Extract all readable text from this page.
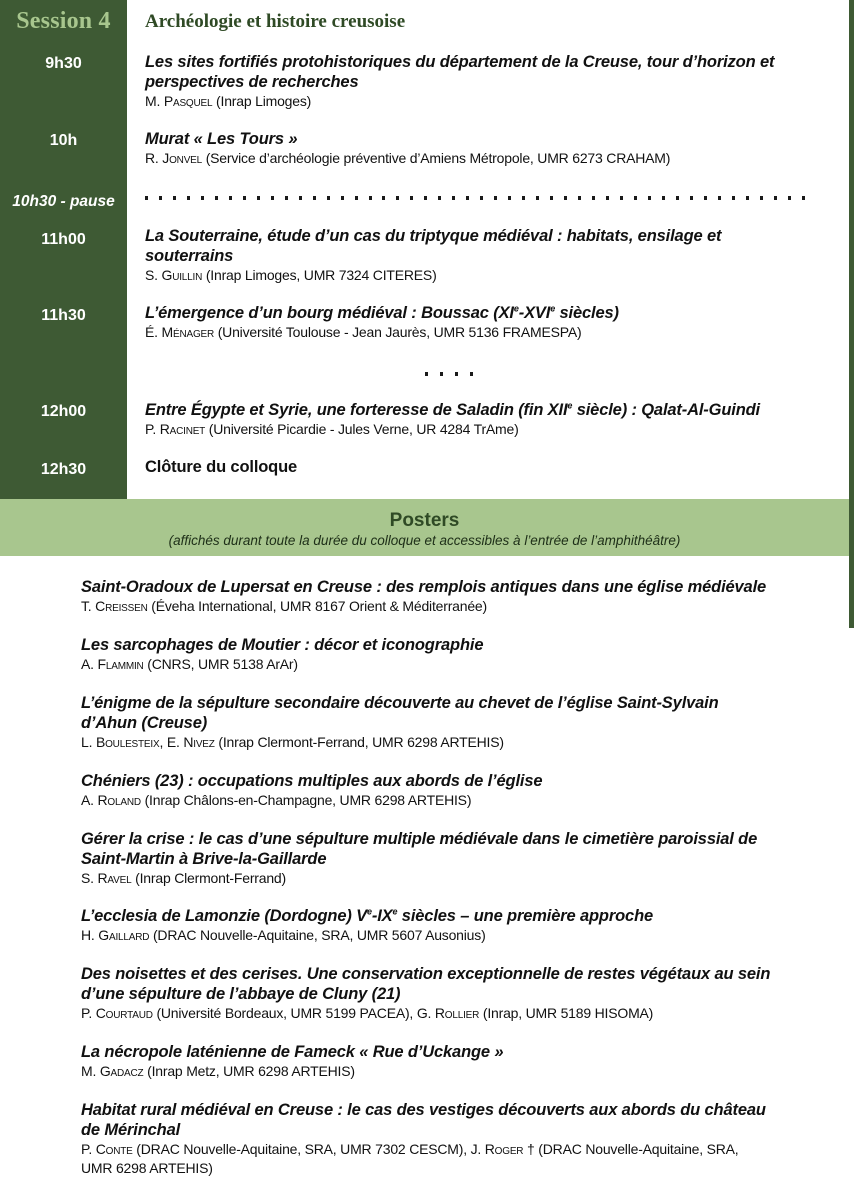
Session 4	Archéologie et histoire creusoise
9h30	Les sites fortifiés protohistoriques du département de la Creuse, tour d’horizon et perspectives de recherches
M. Pasquel (Inrap Limoges)
10h	Murat « Les Tours »
R. Jonvel (Service d’archéologie préventive d’Amiens Métropole, UMR 6273 CRAHAM)
10h30 - pause
11h00	La Souterraine, étude d’un cas du triptyque médiéval : habitats, ensilage et souterrains
S. Guillin (Inrap Limoges, UMR 7324 CITERES)
11h30	L’émergence d’un bourg médiéval : Boussac (XIe-XVIe siècles)
É. Ménager (Université Toulouse - Jean Jaurès, UMR 5136 FRAMESPA)
12h00	Entre Égypte et Syrie, une forteresse de Saladin (fin XIIe siècle) : Qalat-Al-Guindi
P. Racinet (Université Picardie - Jules Verne, UR 4284 TrAme)
12h30	Clôture du colloque
Posters
(affichés durant toute la durée du colloque et accessibles à l’entrée de l’amphithéâtre)
Saint-Oradoux de Lupersat en Creuse : des remplois antiques dans une église médiévale
T. Creissen (Éveha International, UMR 8167 Orient & Méditerranée)
Les sarcophages de Moutier : décor et iconographie
A. Flammin (CNRS, UMR 5138 ArAr)
L’énigme de la sépulture secondaire découverte au chevet de l’église Saint-Sylvain d’Ahun (Creuse)
L. Boulesteix, E. Nivez (Inrap Clermont-Ferrand, UMR 6298 ARTEHIS)
Chéniers (23) : occupations multiples aux abords de l’église
A. Roland (Inrap Châlons-en-Champagne, UMR 6298 ARTEHIS)
Gérer la crise : le cas d’une sépulture multiple médiévale dans le cimetière paroissial de Saint-Martin à Brive-la-Gaillarde
S. Ravel (Inrap Clermont-Ferrand)
L’ecclesia de Lamonzie (Dordogne) Ve-IXe siècles – une première approche
H. Gaillard (DRAC Nouvelle-Aquitaine, SRA, UMR 5607 Ausonius)
Des noisettes et des cerises. Une conservation exceptionnelle de restes végétaux au sein d’une sépulture de l’abbaye de Cluny (21)
P. Courtaud (Université Bordeaux, UMR 5199 PACEA), G. Rollier (Inrap, UMR 5189 HISOMA)
La nécropole laténienne de Fameck « Rue d’Uckange »
M. Gadacz (Inrap Metz, UMR 6298 ARTEHIS)
Habitat rural médiéval en Creuse : le cas des vestiges découverts aux abords du château de Mérinchal
P. Conte (DRAC Nouvelle-Aquitaine, SRA, UMR 7302 CESCM), J. Roger † (DRAC Nouvelle-Aquitaine, SRA, UMR 6298 ARTEHIS)
